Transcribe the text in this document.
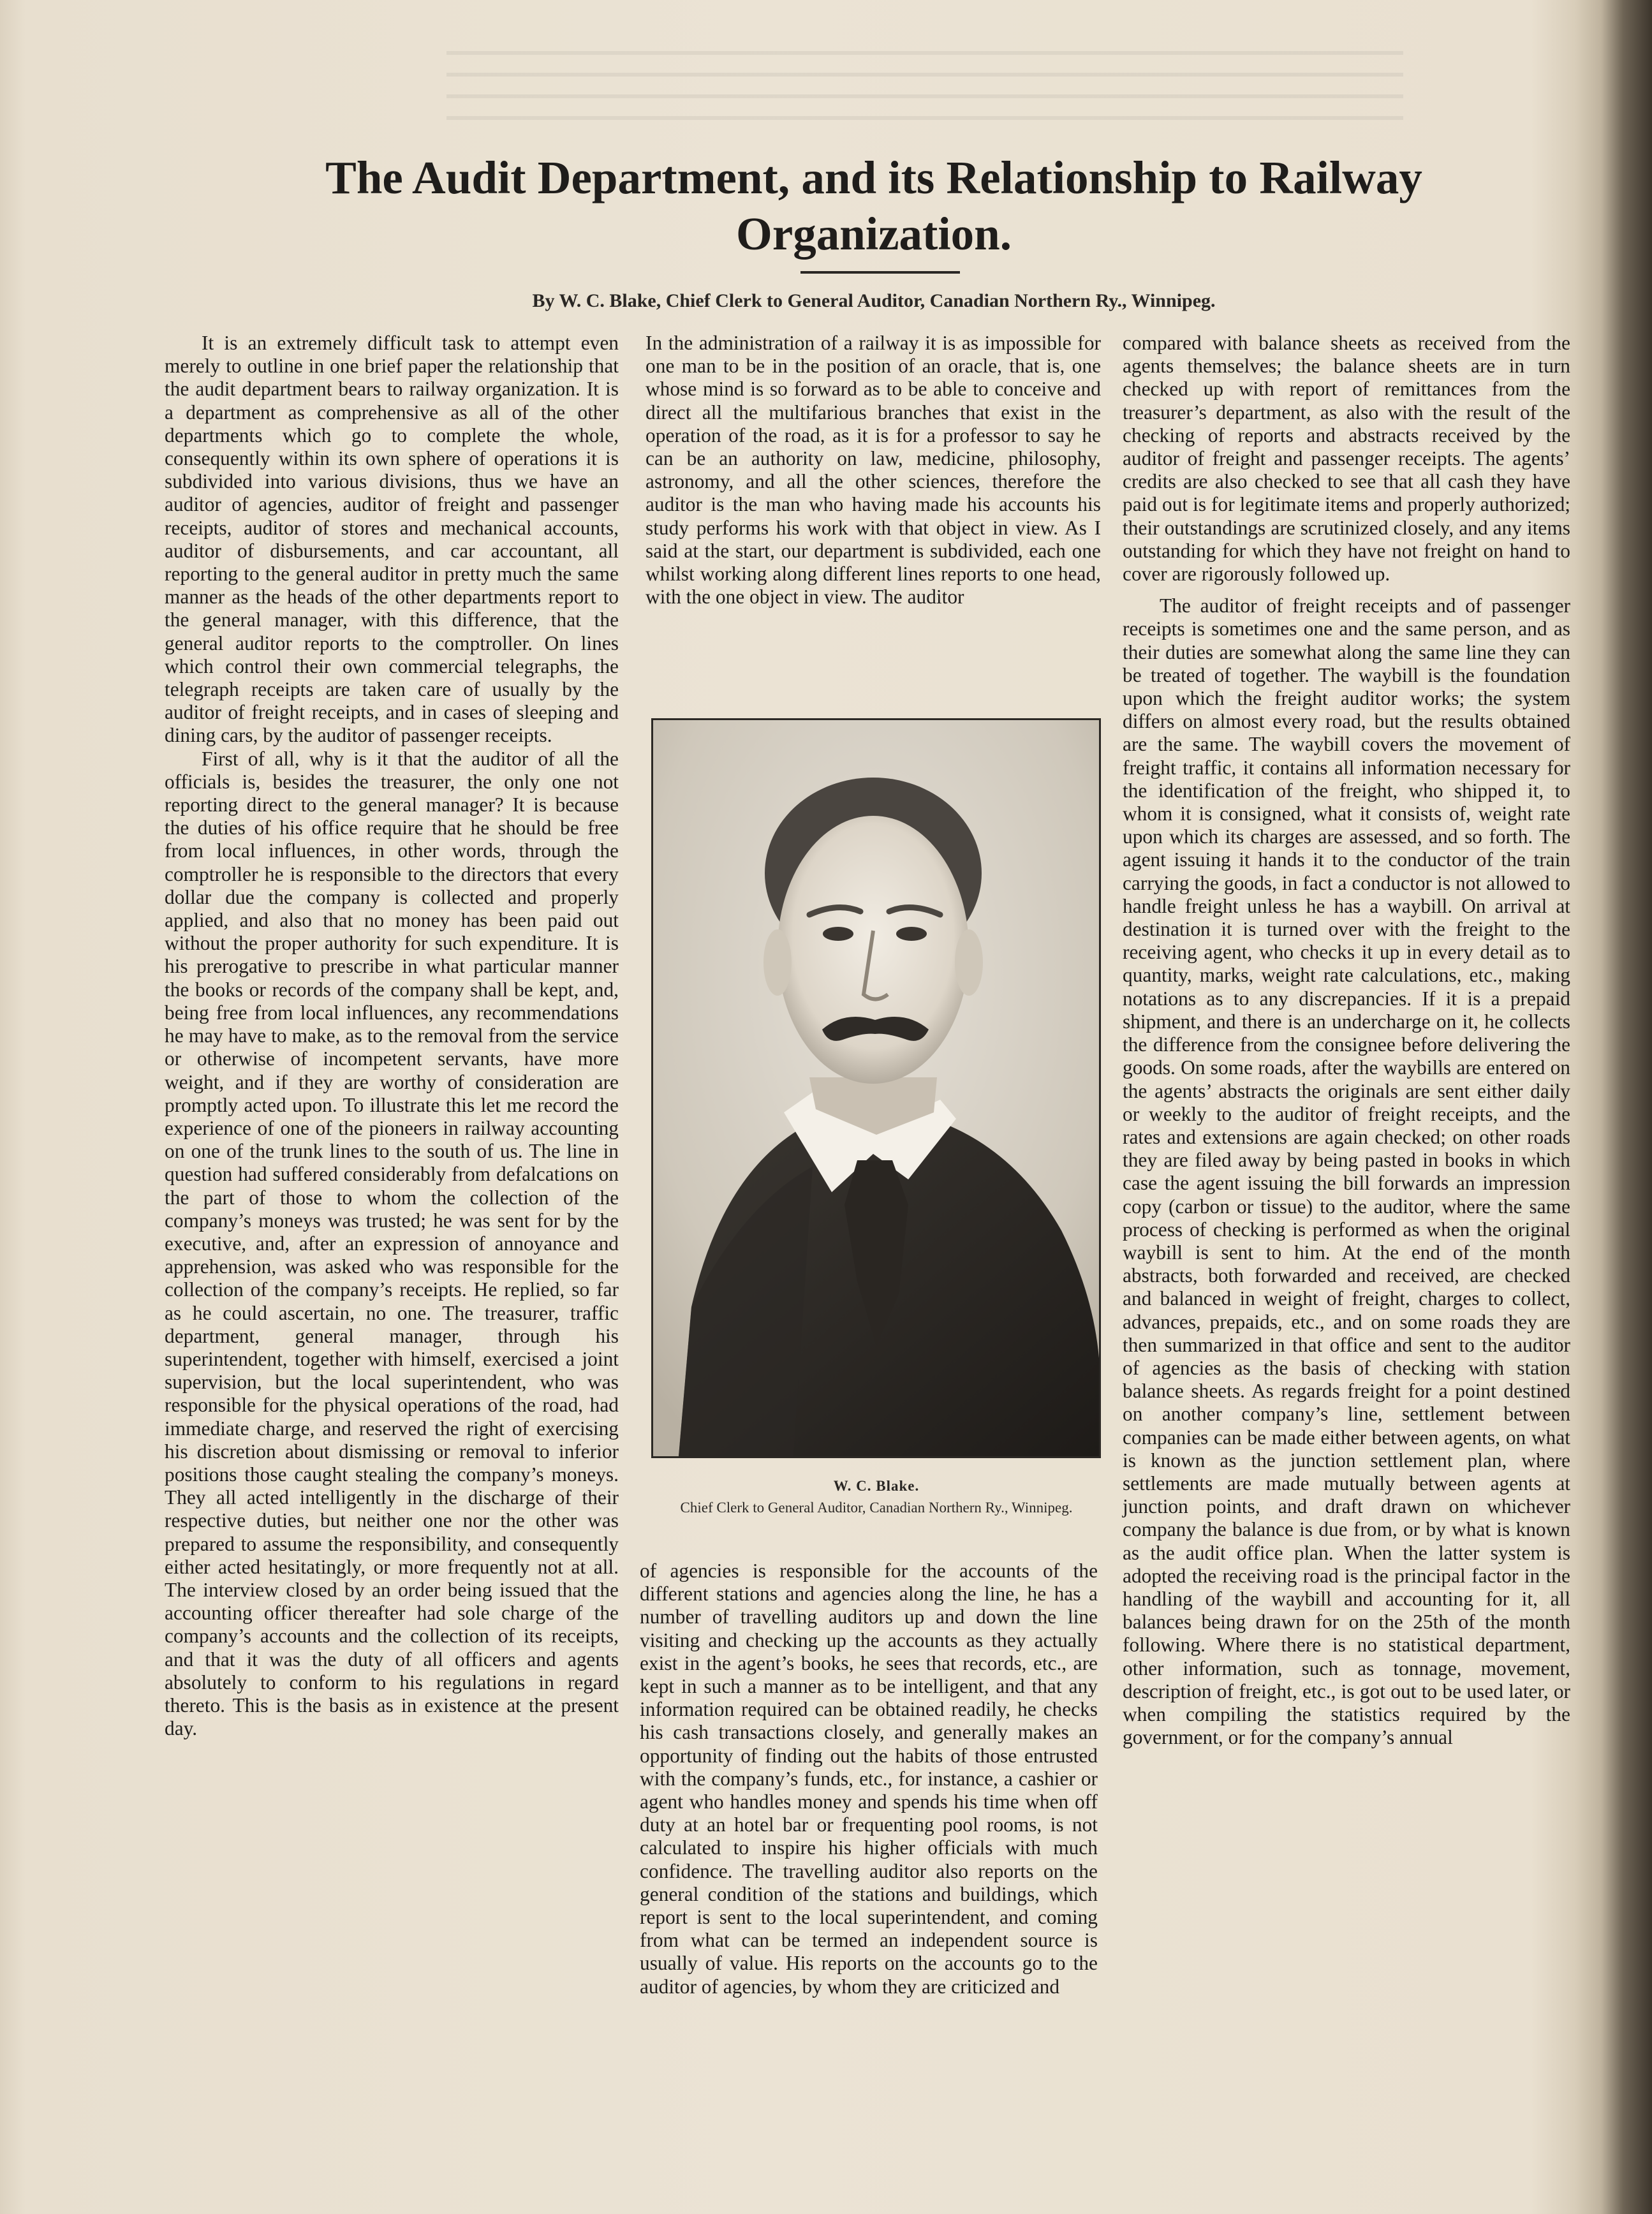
The Audit Department, and its Relationship to Railway
Organization.
By W. C. Blake, Chief Clerk to General Auditor, Canadian Northern Ry., Winnipeg.

It is an extremely difficult task to attempt even merely to outline in one brief paper the relationship that the audit department bears to railway organization. It is a department as comprehensive as all of the other departments which go to complete the whole, consequently within its own sphere of operations it is subdivided into various divisions, thus we have an auditor of agencies, auditor of freight and passenger receipts, auditor of stores and mechanical accounts, auditor of disbursements, and car accountant, all reporting to the general auditor in pretty much the same manner as the heads of the other departments report to the general manager, with this difference, that the general auditor reports to the comptroller. On lines which control their own commercial telegraphs, the telegraph receipts are taken care of usually by the auditor of freight receipts, and in cases of sleeping and dining cars, by the auditor of passenger receipts.

First of all, why is it that the auditor of all the officials is, besides the treasurer, the only one not reporting direct to the general manager? It is because the duties of his office require that he should be free from local influences, in other words, through the comptroller he is responsible to the directors that every dollar due the company is collected and properly applied, and also that no money has been paid out without the proper authority for such expenditure. It is his prerogative to prescribe in what particular manner the books or records of the company shall be kept, and, being free from local influences, any recommendations he may have to make, as to the removal from the service or otherwise of incompetent servants, have more weight, and if they are worthy of consideration are promptly acted upon. To illustrate this let me record the experience of one of the pioneers in railway accounting on one of the trunk lines to the south of us. The line in question had suffered considerably from defalcations on the part of those to whom the collection of the company’s moneys was trusted; he was sent for by the executive, and, after an expression of annoyance and apprehension, was asked who was responsible for the collection of the company’s receipts. He replied, so far as he could ascertain, no one. The treasurer, traffic department, general manager, through his superintendent, together with himself, exercised a joint supervision, but the local superintendent, who was responsible for the physical operations of the road, had immediate charge, and reserved the right of exercising his discretion about dismissing or removal to inferior positions those caught stealing the company’s moneys. They all acted intelligently in the discharge of their respective duties, but neither one nor the other was prepared to assume the responsibility, and consequently either acted hesitatingly, or more frequently not at all. The interview closed by an order being issued that the accounting officer thereafter had sole charge of the company’s accounts and the collection of its receipts, and that it was the duty of all officers and agents absolutely to conform to his regulations in regard thereto. This is the basis as in existence at the present day.

In the administration of a railway it is as impossible for one man to be in the position of an oracle, that is, one whose mind is so forward as to be able to conceive and direct all the multifarious branches that exist in the operation of the road, as it is for a professor to say he can be an authority on law, medicine, philosophy, astronomy, and all the other sciences, therefore the auditor is the man who having made his accounts his study performs his work with that object in view. As I said at the start, our department is subdivided, each one whilst working along different lines reports to one head, with the one object in view. The auditor

W. C. Blake.
Chief Clerk to General Auditor, Canadian Northern Ry., Winnipeg.

of agencies is responsible for the accounts of the different stations and agencies along the line, he has a number of travelling auditors up and down the line visiting and checking up the accounts as they actually exist in the agent’s books, he sees that records, etc., are kept in such a manner as to be intelligent, and that any information required can be obtained readily, he checks his cash transactions closely, and generally makes an opportunity of finding out the habits of those entrusted with the company’s funds, etc., for instance, a cashier or agent who handles money and spends his time when off duty at an hotel bar or frequenting pool rooms, is not calculated to inspire his higher officials with much confidence. The travelling auditor also reports on the general condition of the stations and buildings, which report is sent to the local superintendent, and coming from what can be termed an independent source is usually of value. His reports on the accounts go to the auditor of agencies, by whom they are criticized and

compared with balance sheets as received from the agents themselves; the balance sheets are in turn checked up with report of remittances from the treasurer’s department, as also with the result of the checking of reports and abstracts received by the auditor of freight and passenger receipts. The agents’ credits are also checked to see that all cash they have paid out is for legitimate items and properly authorized; their outstandings are scrutinized closely, and any items outstanding for which they have not freight on hand to cover are rigorously followed up.

The auditor of freight receipts and of passenger receipts is sometimes one and the same person, and as their duties are somewhat along the same line they can be treated of together. The waybill is the foundation upon which the freight auditor works; the system differs on almost every road, but the results obtained are the same. The waybill covers the movement of freight traffic, it contains all information necessary for the identification of the freight, who shipped it, to whom it is consigned, what it consists of, weight rate upon which its charges are assessed, and so forth. The agent issuing it hands it to the conductor of the train carrying the goods, in fact a conductor is not allowed to handle freight unless he has a waybill. On arrival at destination it is turned over with the freight to the receiving agent, who checks it up in every detail as to quantity, marks, weight rate calculations, etc., making notations as to any discrepancies. If it is a prepaid shipment, and there is an undercharge on it, he collects the difference from the consignee before delivering the goods. On some roads, after the waybills are entered on the agents’ abstracts the originals are sent either daily or weekly to the auditor of freight receipts, and the rates and extensions are again checked; on other roads they are filed away by being pasted in books in which case the agent issuing the bill forwards an impression copy (carbon or tissue) to the auditor, where the same process of checking is performed as when the original waybill is sent to him. At the end of the month abstracts, both forwarded and received, are checked and balanced in weight of freight, charges to collect, advances, prepaids, etc., and on some roads they are then summarized in that office and sent to the auditor of agencies as the basis of checking with station balance sheets. As regards freight for a point destined on another company’s line, settlement between companies can be made either between agents, on what is known as the junction settlement plan, where settlements are made mutually between agents at junction points, and draft drawn on whichever company the balance is due from, or by what is known as the audit office plan. When the latter system is adopted the receiving road is the principal factor in the handling of the waybill and accounting for it, all balances being drawn for on the 25th of the month following. Where there is no statistical department, other information, such as tonnage, movement, description of freight, etc., is got out to be used later, or when compiling the statistics required by the government, or for the company’s annual
